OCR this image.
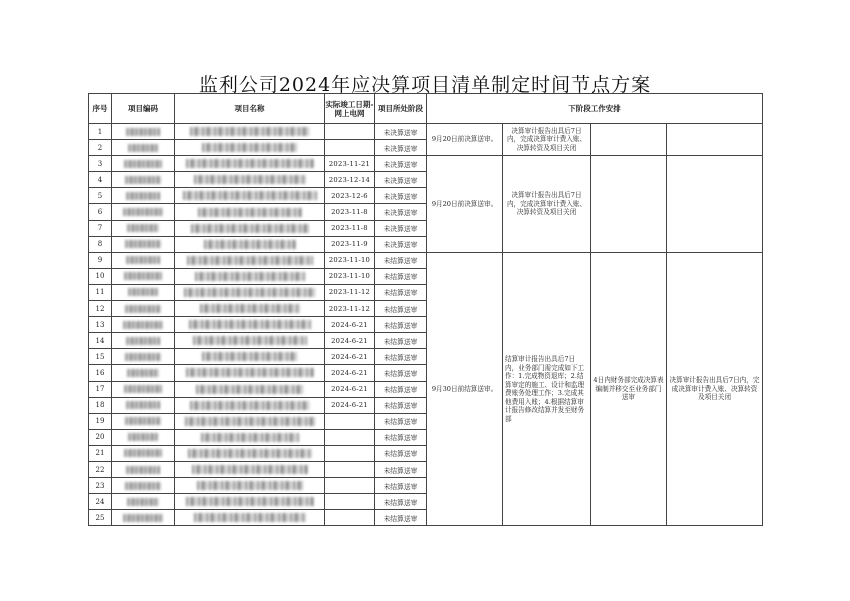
监利公司2024年应决算项目清单制定时间节点方案
序号	项目编码	项目名称	实际竣工日期-网上电网	项目所处阶段	下阶段工作安排			
1				未决算送审	9月20日前决算送审。	决算审计报告出具后7日内，完成决算审计费入账、决算转资及项目关闭		
2				未决算送审				
3			2023-11-21	未决算送审	9月20日前决算送审。	决算审计报告出具后7日内，完成决算审计费入账、决算转资及项目关闭		
4			2023-12-14	未决算送审				
5			2023-12-6	未决算送审				
6			2023-11-8	未决算送审				
7			2023-11-8	未决算送审				
8			2023-11-9	未决算送审				
9			2023-11-10	未结算送审	9月30日前结算送审。	结算审计报告出具后7日内，业务部门需完成如下工作：1.完成物资退库；2.结算审定的施工、设计和监理费账务处理工作；3.完成其他费用入账；4.根据结算审计报告修改结算并发至财务部	4日内财务部完成决算表编制并移交至业务部门送审	决算审计报告出具后7日内，完成决算审计费入账、决算转资及项目关闭
10			2023-11-10	未结算送审				
11			2023-11-12	未结算送审				
12			2023-11-12	未结算送审				
13			2024-6-21	未结算送审				
14			2024-6-21	未结算送审				
15			2024-6-21	未结算送审				
16			2024-6-21	未结算送审				
17			2024-6-21	未结算送审				
18			2024-6-21	未结算送审				
19				未结算送审				
20				未结算送审				
21				未结算送审				
22				未结算送审				
23				未结算送审				
24				未结算送审				
25				未结算送审				
